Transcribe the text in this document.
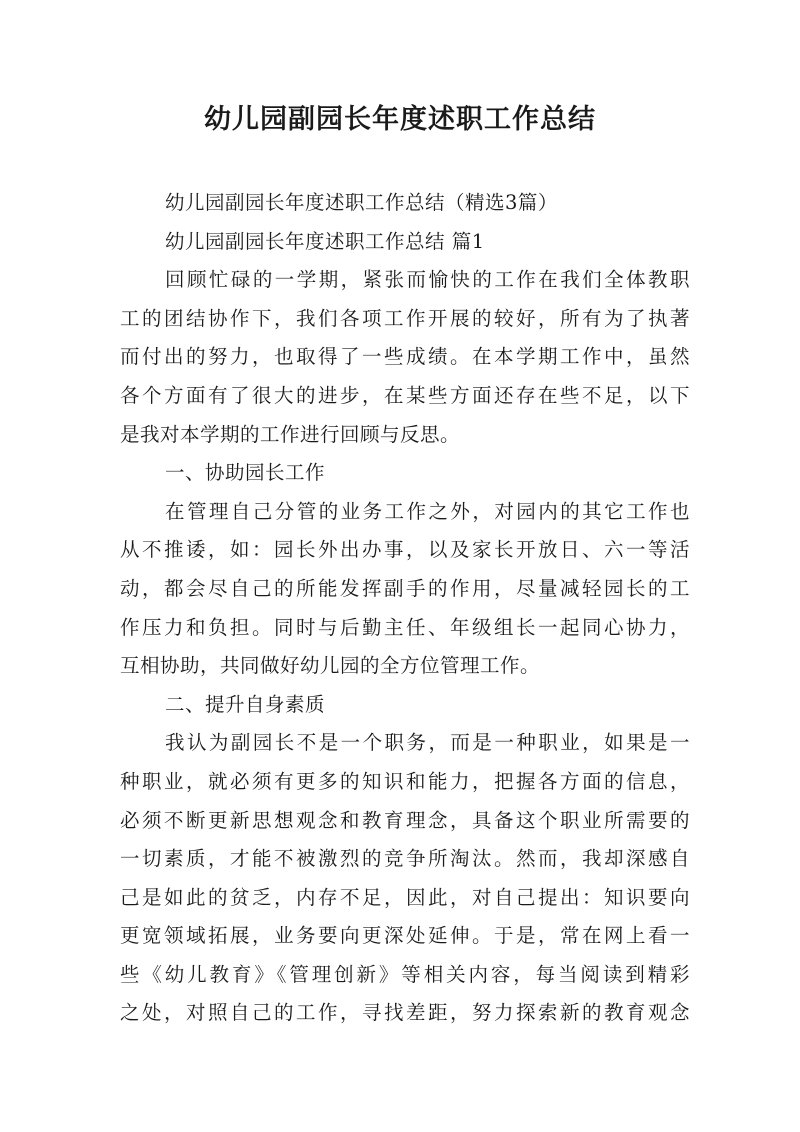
幼儿园副园长年度述职工作总结
幼儿园副园长年度述职工作总结（精选3篇）
幼儿园副园长年度述职工作总结 篇1
回顾忙碌的一学期，紧张而愉快的工作在我们全体教职
工的团结协作下，我们各项工作开展的较好，所有为了执著
而付出的努力，也取得了一些成绩。在本学期工作中，虽然
各个方面有了很大的进步，在某些方面还存在些不足，以下
是我对本学期的工作进行回顾与反思。
一、协助园长工作
在管理自己分管的业务工作之外，对园内的其它工作也
从不推诿，如：园长外出办事，以及家长开放日、六一等活
动，都会尽自己的所能发挥副手的作用，尽量减轻园长的工
作压力和负担。同时与后勤主任、年级组长一起同心协力，
互相协助，共同做好幼儿园的全方位管理工作。
二、提升自身素质
我认为副园长不是一个职务，而是一种职业，如果是一
种职业，就必须有更多的知识和能力，把握各方面的信息，
必须不断更新思想观念和教育理念，具备这个职业所需要的
一切素质，才能不被激烈的竞争所淘汰。然而，我却深感自
己是如此的贫乏，内存不足，因此，对自己提出：知识要向
更宽领域拓展，业务要向更深处延伸。于是，常在网上看一
些《幼儿教育》《管理创新》等相关内容，每当阅读到精彩
之处，对照自己的工作，寻找差距，努力探索新的教育观念
